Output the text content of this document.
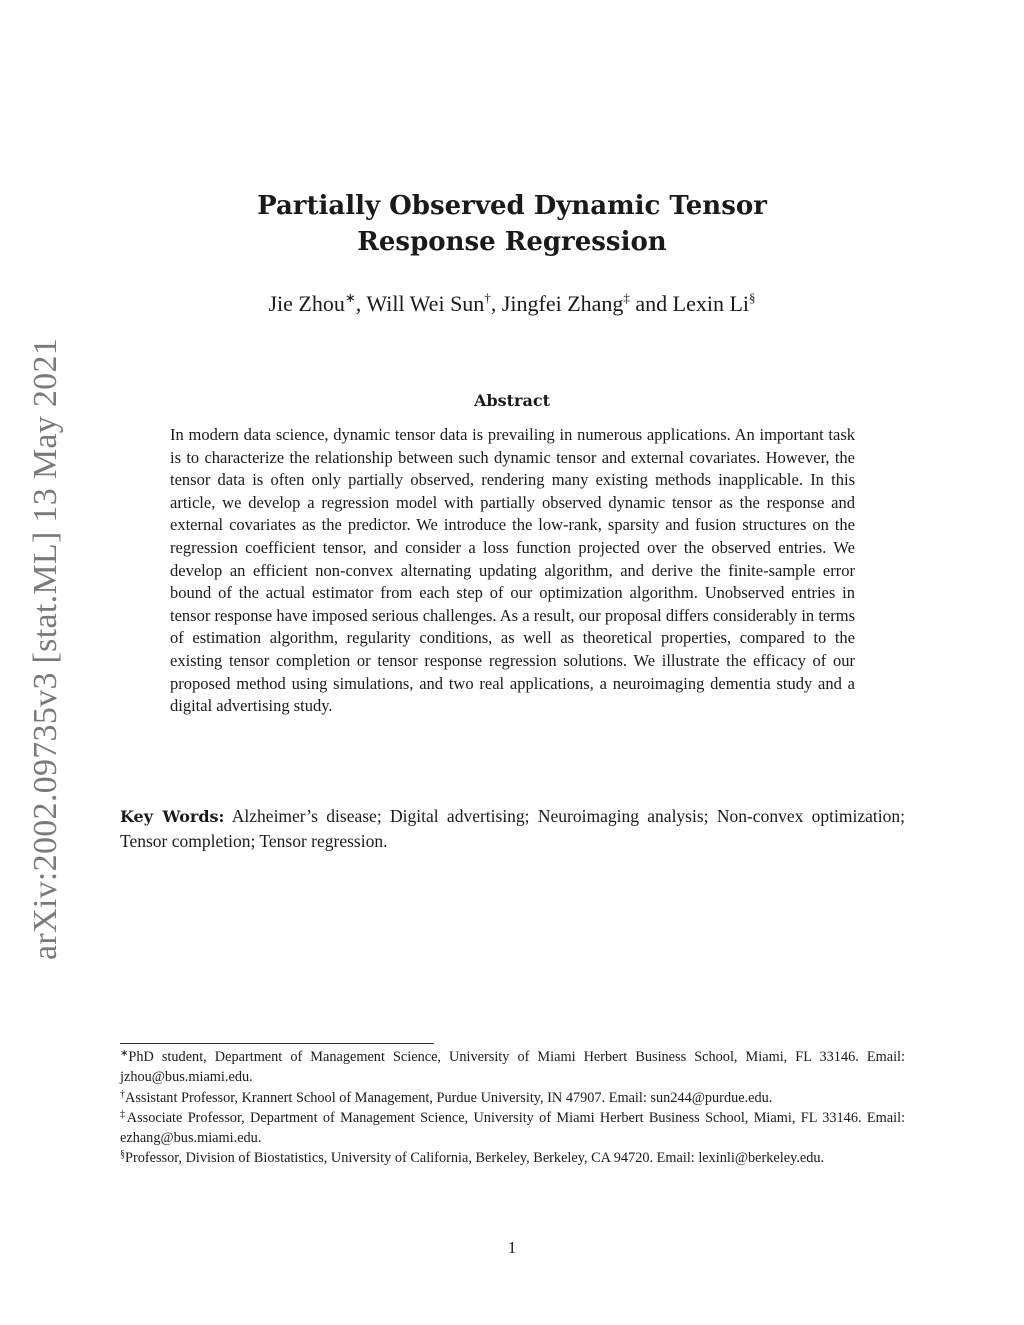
arXiv:2002.09735v3 [stat.ML] 13 May 2021
Partially Observed Dynamic Tensor
Response Regression
Jie Zhou∗, Will Wei Sun†, Jingfei Zhang‡ and Lexin Li§
Abstract

In modern data science, dynamic tensor data is prevailing in numerous applications. An important task is to characterize the relationship between such dynamic tensor and external covariates. However, the tensor data is often only partially observed, rendering many existing methods inapplicable. In this article, we develop a regression model with partially observed dynamic tensor as the response and external covariates as the predictor. We introduce the low-rank, sparsity and fusion structures on the regression coefficient tensor, and consider a loss function projected over the observed entries. We develop an efficient non-convex alternating updating algorithm, and derive the finite-sample error bound of the actual estimator from each step of our optimization algorithm. Unobserved entries in tensor response have imposed serious challenges. As a result, our proposal differs considerably in terms of estimation algorithm, regularity conditions, as well as theoretical properties, compared to the existing tensor completion or tensor response regression solutions. We illustrate the efficacy of our proposed method using simulations, and two real applications, a neuroimaging dementia study and a digital advertising study.

Key Words: Alzheimer’s disease; Digital advertising; Neuroimaging analysis; Non-convex optimization; Tensor completion; Tensor regression.

∗PhD student, Department of Management Science, University of Miami Herbert Business School, Miami, FL 33146. Email: jzhou@bus.miami.edu.

†Assistant Professor, Krannert School of Management, Purdue University, IN 47907. Email: sun244@purdue.edu.

‡Associate Professor, Department of Management Science, University of Miami Herbert Business School, Miami, FL 33146. Email: ezhang@bus.miami.edu.

§Professor, Division of Biostatistics, University of California, Berkeley, Berkeley, CA 94720. Email: lexinli@berkeley.edu.

1
